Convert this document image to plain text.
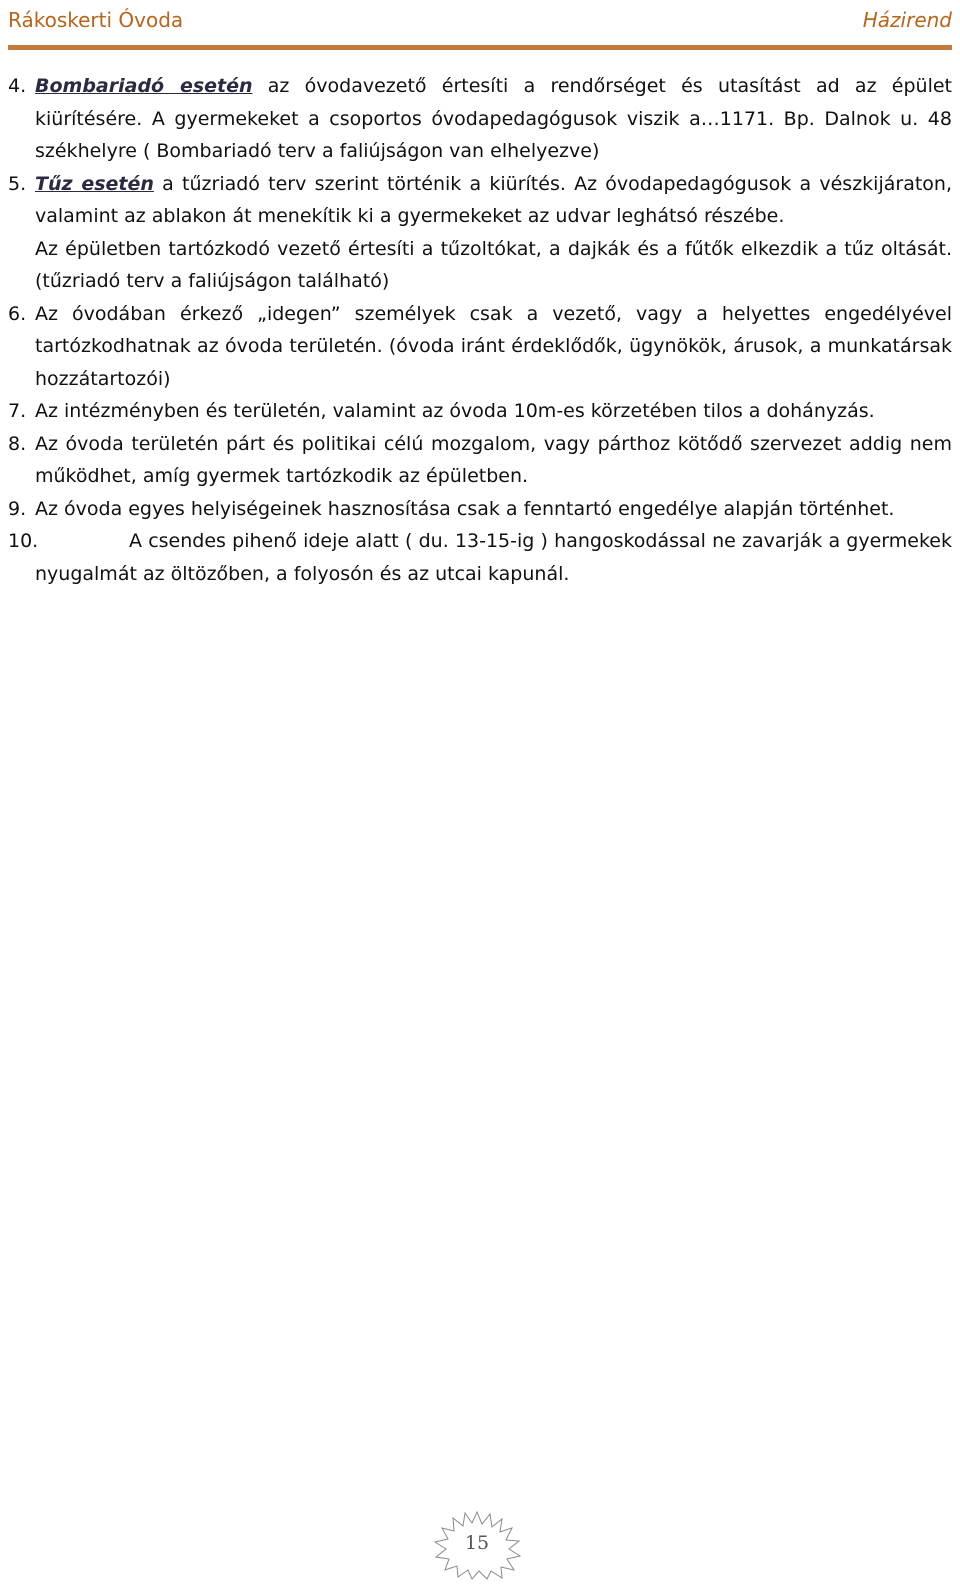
Rákoskerti Óvoda	Házirend
4. Bombariadó esetén az óvodavezető értesíti a rendőrséget és utasítást ad az épület kiürítésére. A gyermekeket a csoportos óvodapedagógusok viszik a…1171. Bp. Dalnok u. 48 székhelyre ( Bombariadó terv a faliújságon van elhelyezve)
5. Tűz esetén a tűzriadó terv szerint történik a kiürítés. Az óvodapedagógusok a vészkijáraton, valamint az ablakon át menekítik ki a gyermekeket az udvar leghátsó részébe.
Az épületben tartózkodó vezető értesíti a tűzoltókat, a dajkák és a fűtők elkezdik a tűz oltását. (tűzriadó terv a faliújságon található)
6. Az óvodában érkező „idegen” személyek csak a vezető, vagy a helyettes engedélyével tartózkodhatnak az óvoda területén. (óvoda iránt érdeklődők, ügynökök, árusok, a munkatársak hozzátartozói)
7. Az intézményben és területén, valamint az óvoda 10m-es körzetében tilos a dohányzás.
8. Az óvoda területén párt és politikai célú mozgalom, vagy párthoz kötődő szervezet addig nem működhet, amíg gyermek tartózkodik az épületben.
9. Az óvoda egyes helyiségeinek hasznosítása csak a fenntartó engedélye alapján történhet.
10.	A csendes pihenő ideje alatt ( du. 13-15-ig ) hangoskodással ne zavarják a gyermekek nyugalmát az öltözőben, a folyosón és az utcai kapunál.
15
